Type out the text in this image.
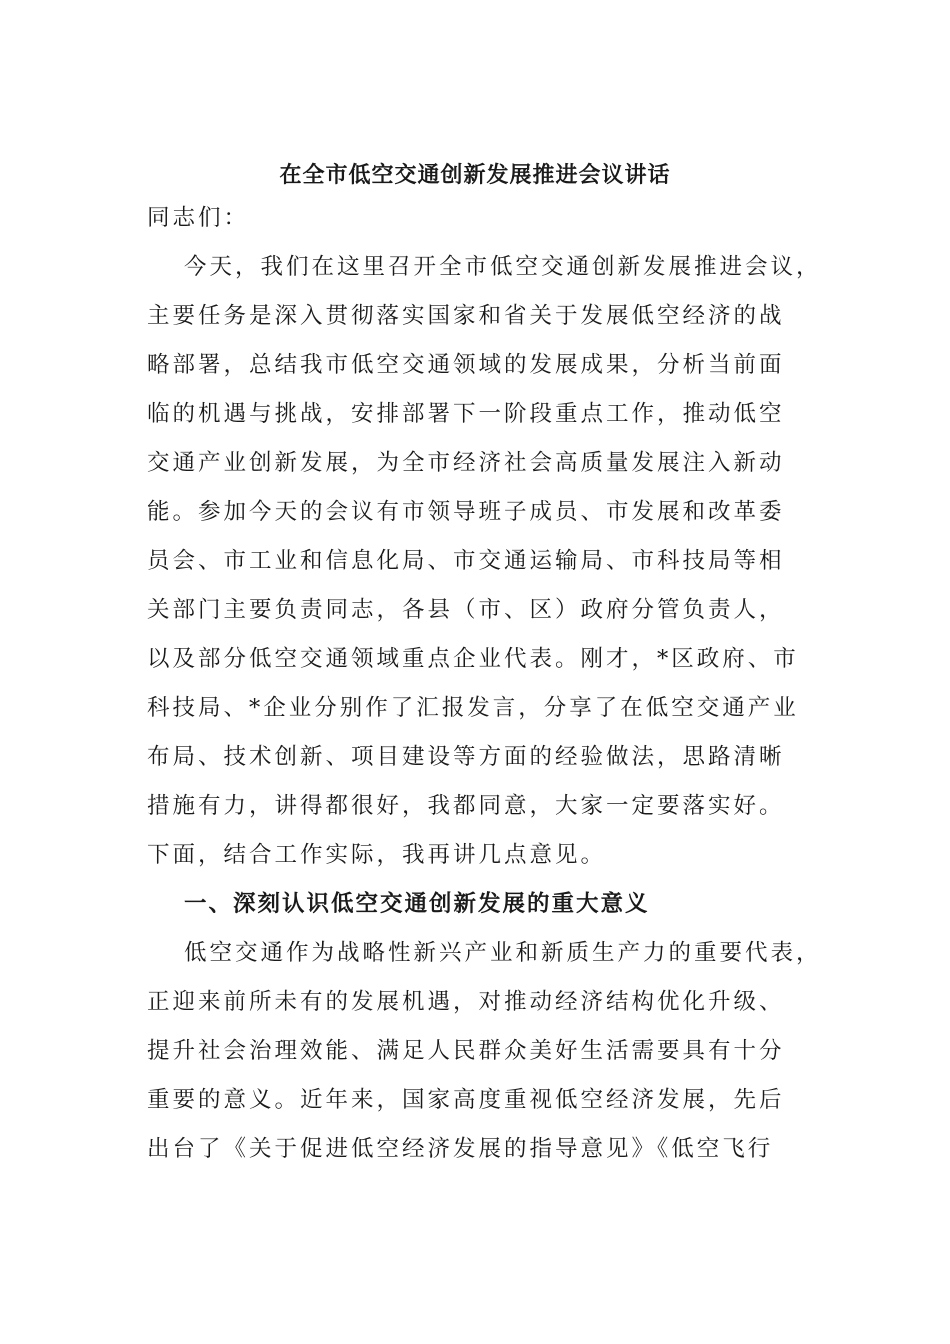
在全市低空交通创新发展推进会议讲话
同志们：
今天，我们在这里召开全市低空交通创新发展推进会议，
主要任务是深入贯彻落实国家和省关于发展低空经济的战
略部署，总结我市低空交通领域的发展成果，分析当前面
临的机遇与挑战，安排部署下一阶段重点工作，推动低空
交通产业创新发展，为全市经济社会高质量发展注入新动
能。参加今天的会议有市领导班子成员、市发展和改革委
员会、市工业和信息化局、市交通运输局、市科技局等相
关部门主要负责同志，各县（市、区）政府分管负责人，
以及部分低空交通领域重点企业代表。刚才，*区政府、市
科技局、*企业分别作了汇报发言，分享了在低空交通产业
布局、技术创新、项目建设等方面的经验做法，思路清晰
措施有力，讲得都很好，我都同意，大家一定要落实好。
下面，结合工作实际，我再讲几点意见。
一、深刻认识低空交通创新发展的重大意义
低空交通作为战略性新兴产业和新质生产力的重要代表，
正迎来前所未有的发展机遇，对推动经济结构优化升级、
提升社会治理效能、满足人民群众美好生活需要具有十分
重要的意义。近年来，国家高度重视低空经济发展，先后
出台了《关于促进低空经济发展的指导意见》《低空飞行
